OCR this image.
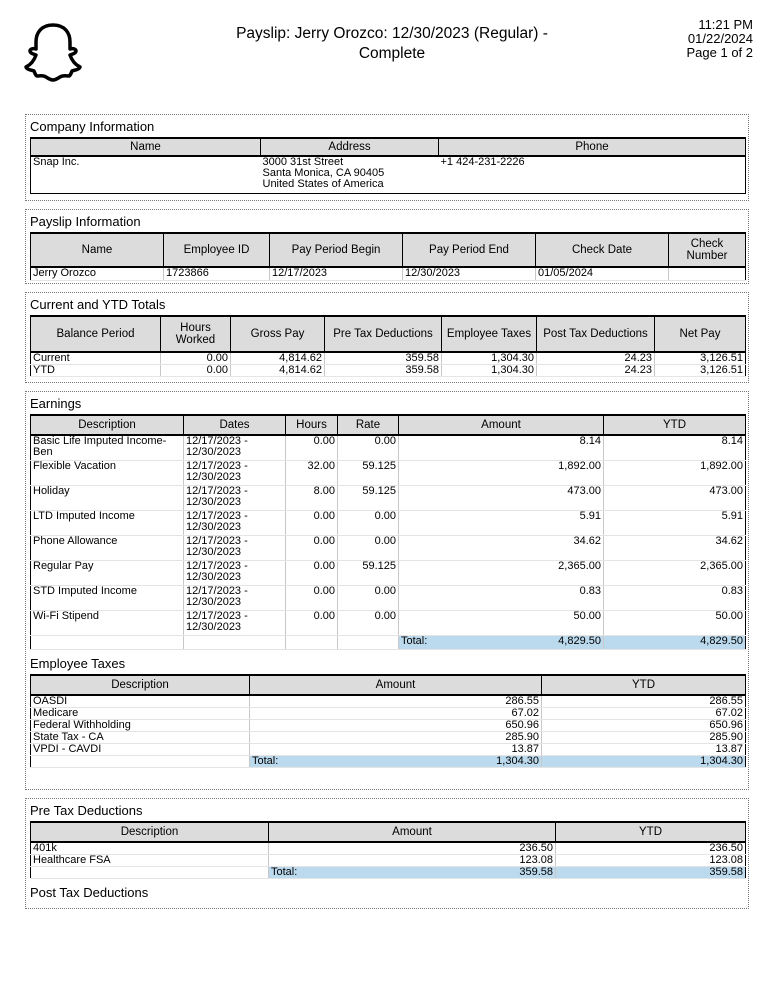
Payslip: Jerry Orozco: 12/30/2023 (Regular) - Complete
11:21 PM
01/22/2024
Page 1 of 2
Company Information
Name	Address	Phone
Snap Inc.	3000 31st Street
Santa Monica, CA 90405
United States of America	+1 424-231-2226
Payslip Information
Name	Employee ID	Pay Period Begin	Pay Period End	Check Date	Check Number
Jerry Orozco	1723866	12/17/2023	12/30/2023	01/05/2024	
Current and YTD Totals
Balance Period	Hours Worked	Gross Pay	Pre Tax Deductions	Employee Taxes	Post Tax Deductions	Net Pay
Current	0.00	4,814.62	359.58	1,304.30	24.23	3,126.51
YTD	0.00	4,814.62	359.58	1,304.30	24.23	3,126.51
Earnings
Description	Dates	Hours	Rate	Amount	YTD
Basic Life Imputed Income-Ben	12/17/2023 - 12/30/2023	0.00	0.00	8.14	8.14
Flexible Vacation	12/17/2023 - 12/30/2023	32.00	59.125	1,892.00	1,892.00
Holiday	12/17/2023 - 12/30/2023	8.00	59.125	473.00	473.00
LTD Imputed Income	12/17/2023 - 12/30/2023	0.00	0.00	5.91	5.91
Phone Allowance	12/17/2023 - 12/30/2023	0.00	0.00	34.62	34.62
Regular Pay	12/17/2023 - 12/30/2023	0.00	59.125	2,365.00	2,365.00
STD Imputed Income	12/17/2023 - 12/30/2023	0.00	0.00	0.83	0.83
Wi-Fi Stipend	12/17/2023 - 12/30/2023	0.00	0.00	50.00	50.00

				Total: 4,829.50	4,829.50
Employee Taxes
Description	Amount	YTD
OASDI	286.55	286.55
Medicare	67.02	67.02
Federal Withholding	650.96	650.96
State Tax - CA	285.90	285.90
VPDI - CAVDI	13.87	13.87
	Total: 1,304.30	1,304.30
Pre Tax Deductions
Description	Amount	YTD
401k	236.50	236.50
Healthcare FSA	123.08	123.08
	Total: 359.58	359.58
Post Tax Deductions
